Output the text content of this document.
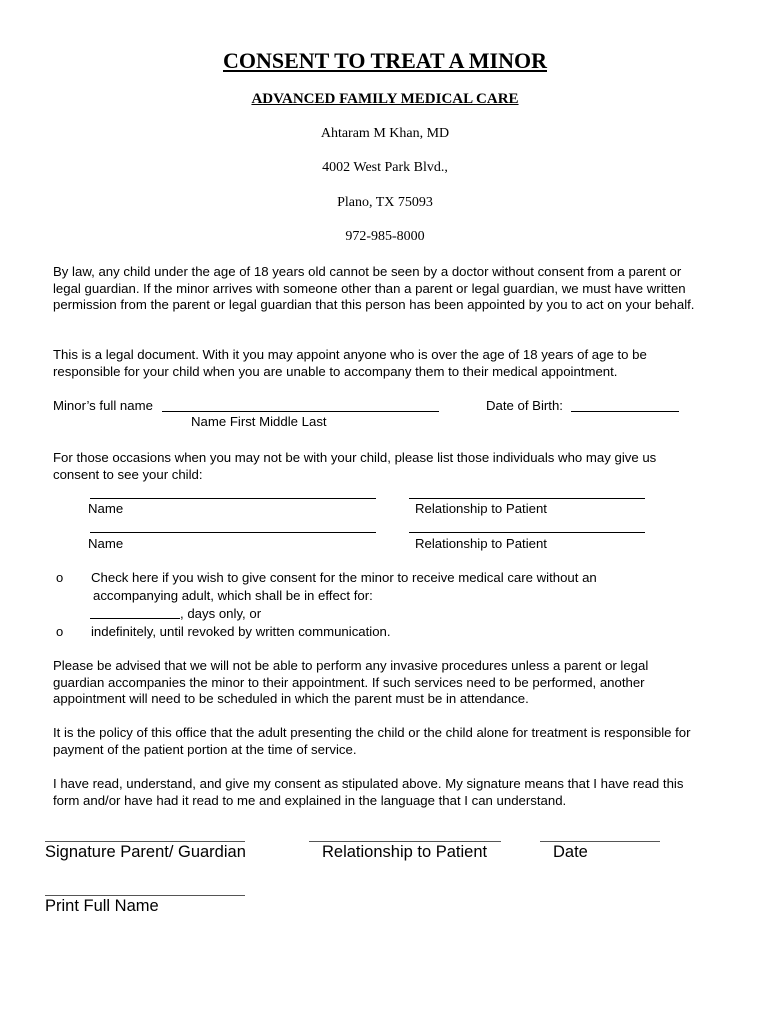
CONSENT TO TREAT A MINOR
ADVANCED FAMILY MEDICAL CARE
Ahtaram M Khan, MD
4002 West Park Blvd.,
Plano, TX 75093
972-985-8000
By law, any child under the age of 18 years old cannot be seen by a doctor without consent from a parent or legal guardian. If the minor arrives with someone other than a parent or legal guardian, we must have written permission from the parent or legal guardian that this person has been appointed by you to act on your behalf.
This is a legal document. With it you may appoint anyone who is over the age of 18 years of age to be responsible for your child when you are unable to accompany them to their medical appointment.
Minor’s full name
Name First Middle Last
Date of Birth:
For those occasions when you may not be with your child, please list those individuals who may give us consent to see your child:
Name	Relationship to Patient
Name	Relationship to Patient
o Check here if you wish to give consent for the minor to receive medical care without an
accompanying adult, which shall be in effect for:
, days only, or
o indefinitely, until revoked by written communication.
Please be advised that we will not be able to perform any invasive procedures unless a parent or legal guardian accompanies the minor to their appointment. If such services need to be performed, another appointment will need to be scheduled in which the parent must be in attendance.
It is the policy of this office that the adult presenting the child or the child alone for treatment is responsible for payment of the patient portion at the time of service.
I have read, understand, and give my consent as stipulated above. My signature means that I have read this form and/or have had it read to me and explained in the language that I can understand.
Signature Parent/ Guardian	Relationship to Patient	Date
Print Full Name
